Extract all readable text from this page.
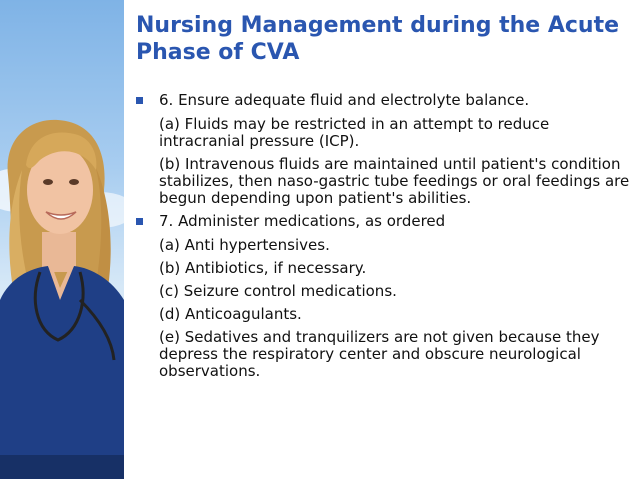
Nursing Management during the Acute
Phase of CVA
6. Ensure adequate fluid and electrolyte balance.
(a) Fluids may be restricted in an attempt to reduce intracranial pressure (ICP).
(b) Intravenous fluids are maintained until patient's condition stabilizes, then naso-gastric tube feedings or oral feedings are begun depending upon patient's abilities.
7. Administer medications, as ordered
(a) Anti hypertensives.
(b) Antibiotics, if necessary.
(c) Seizure control medications.
(d) Anticoagulants.
(e) Sedatives and tranquilizers are not given because they depress the respiratory center and obscure neurological observations.
